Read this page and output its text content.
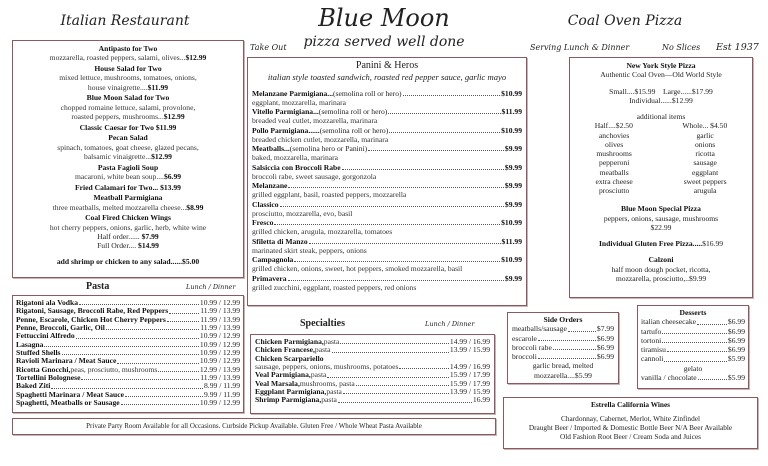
Italian Restaurant	Blue Moon
pizza served well done
Coal Oven Pizza
Take Out	Serving Lunch & Dinner	No Slices Est 1937
Antipasto for Two
mozzarella, roasted peppers, salami, olives...$12.99
House Salad for Two
mixed lettuce, mushrooms, tomatoes, onions,
house vinaigrette....$11.99
Blue Moon Salad for Two
chopped romaine lettuce, salami, provolone,
roasted peppers, mushrooms...$12.99
Classic Caesar for Two $11.99
Pecan Salad
spinach, tomatoes, goat cheese, glazed pecans,
balsamic vinaigrette...$12.99
Pasta Fagioli Soup
macaroni, white bean soup....$6.99
Fried Calamari for Two... $13.99
Meatball Parmigiana
three meatballs, melted mozzarella cheese...$8.99
Coal Fired Chicken Wings
hot cherry peppers, onions, garlic, herb, white wine
Half order...... $7.99
Full Order.... $14.99
add shrimp or chicken to any salad......$5.00
Pasta	Lunch / Dinner
Rigatoni ala Vodka	10.99 / 12.99
Rigatoni, Sausage, Broccoli Rabe, Red Peppers	11.99 / 13.99
Penne, Escarole, Chicken Hot Cherry Peppers	11.99 / 13.99
Penne, Broccoli, Garlic, Oil	11.99 / 13.99
Fettuccini Alfredo	10.99 / 12.99
Lasagna	10.99 / 12.99
Stuffed Shells	10.99 / 12.99
Ravioli Marinara / Meat Sauce	10.99 / 12.99
Ricotta Gnocchi, peas, prosciutto, mushrooms	12.99 / 13.99
Tortellini Bolognese	11.99 / 13.99
Baked Ziti	8.99 / 11.99
Spaghetti Marinara / Meat Sauce	9.99 / 11.99
Spaghetti, Meatballs or Sausage	10.99 / 12.99
Private Party Room Available for all Occasions. Curbside Pickup Available. Gluten Free / Whole Wheat Pasta Available
Panini & Heros
italian style toasted sandwich, roasted red pepper sauce, garlic mayo
Melanzane Parmigiana... (semolina roll or hero)	$10.99
eggplant, mozzarella, marinara
Vitello Parmigiana... (semolina roll or hero)	$11.99
breaded veal cutlet, mozzarella, marinara
Pollo Parmigiana...... (semolina roll or hero)	$10.99
breaded chicken cutlet, mozzarella, marinara
Meatballs... (semolina hero or Panini)	$9.99
baked, mozzarella, marinara
Salsiccia con Broccoli Rabe	$9.99
broccoli rabe, sweet sausage, gorgonzola
Melanzane	$9.99
grilled eggplant, basil, roasted peppers, mozzarella
Classico	$9.99
prosciutto, mozzarella, evo, basil
Fresco	$10.99
grilled chicken, arugula, mozzarella, tomatoes
Sfiletta di Manzo	$11.99
marinated skirt steak, peppers, onions
Campagnola	$10.99
grilled chicken, onions, sweet, hot peppers, smoked mozzarella, basil
Primavera	$9.99
grilled zucchini, eggplant, roasted peppers, red onions
Specialties	Lunch / Dinner
Chicken Parmigiana, pasta	14.99 / 16.99
Chicken Francese, pasta	13.99 / 15.99
Chicken Scarpariello
sausage, peppers, onions, mushrooms, potatoes	14.99 / 16.99
Veal Parmigiana, pasta	15.99 / 17.99
Veal Marsala, mushrooms, pasta	15.99 / 17.99
Eggplant Parmigiana, pasta	13.99 / 15.99
Shrimp Parmigiana, pasta	16.99
New York Style Pizza
Authentic Coal Oven—Old World Style
Small....$15.99 Large......$17.99
Individual......$12.99
additional items
Half....$2.50	Whole... $4.50
anchovies
olives
mushrooms
pepperoni
meatballs
extra cheese
prosciutto
garlic
onions
ricotta
sausage
eggplant
sweet peppers
arugula
Blue Moon Special Pizza
peppers, onions, sausage, mushrooms
$22.99
Individual Gluten Free Pizza.....$16.99
Calzoni
half moon dough pocket, ricotta,
mozzarella, prosciutto,..$9.99
Side Orders
meatballs/sausage	$7.99
escarole	$6.99
broccoli rabe	$6.99
broccoli	$6.99
garlic bread, melted
mozzarella....$5.99
Desserts
italian cheesecake	$6.99
tartufo	$6.99
tortoni	$6.99
tiramisu	$6.99
cannoli	$5.99
gelato
vanilla / chocolate	$5.99
Estrella California Wines
Chardonnay, Cabernet, Merlot, White Zinfindel
Draught Beer / Imported & Domestic Bottle Beer N/A Beer Available
Old Fashion Root Beer / Cream Soda and Juices
